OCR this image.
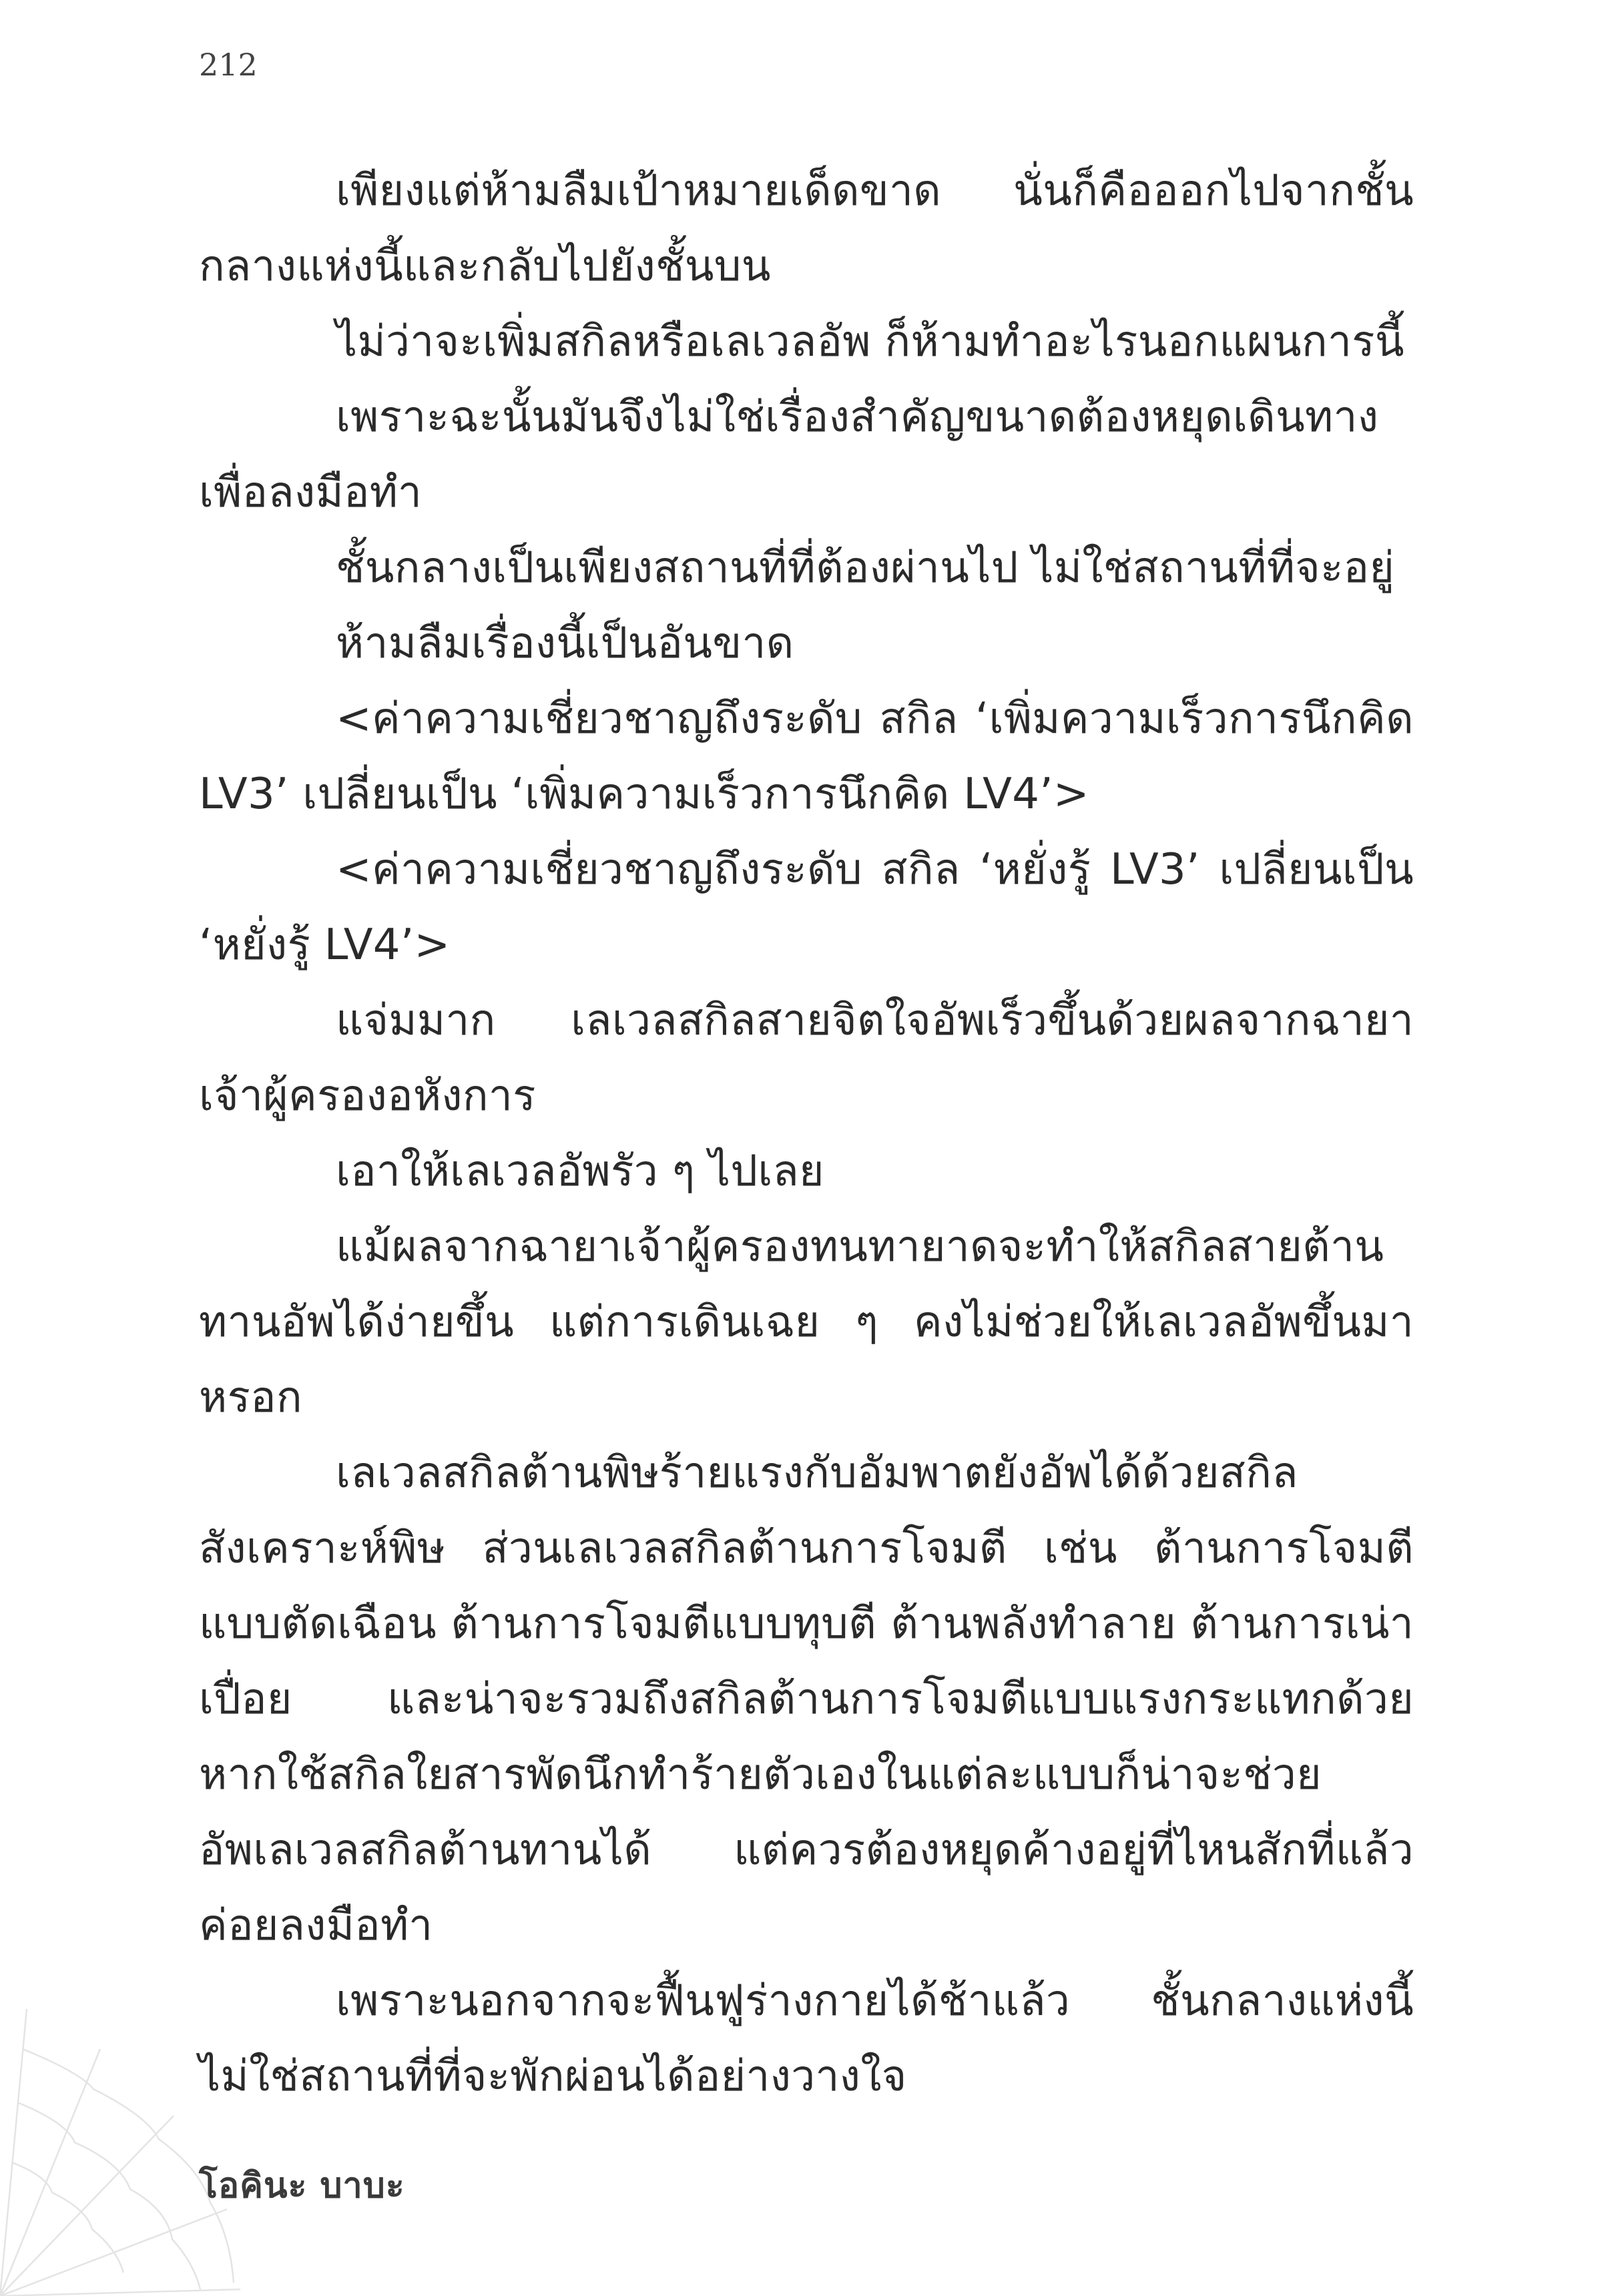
212

เพียงแต่ห้ามลืมเป้าหมายเด็ดขาด นั่นก็คือออกไปจากชั้นกลางแห่งนี้และกลับไปยังชั้นบน

ไม่ว่าจะเพิ่มสกิลหรือเลเวลอัพ ก็ห้ามทำอะไรนอกแผนการนี้

เพราะฉะนั้นมันจึงไม่ใช่เรื่องสำคัญขนาดต้องหยุดเดินทางเพื่อลงมือทำ

ชั้นกลางเป็นเพียงสถานที่ที่ต้องผ่านไป ไม่ใช่สถานที่ที่จะอยู่

ห้ามลืมเรื่องนี้เป็นอันขาด

<ค่าความเชี่ยวชาญถึงระดับ สกิล ‘เพิ่มความเร็วการนึกคิด LV3’ เปลี่ยนเป็น ‘เพิ่มความเร็วการนึกคิด LV4’>

<ค่าความเชี่ยวชาญถึงระดับ สกิล ‘หยั่งรู้ LV3’ เปลี่ยนเป็น ‘หยั่งรู้ LV4’>

แจ่มมาก เลเวลสกิลสายจิตใจอัพเร็วขึ้นด้วยผลจากฉายาเจ้าผู้ครองอหังการ

เอาให้เลเวลอัพรัว ๆ ไปเลย

แม้ผลจากฉายาเจ้าผู้ครองทนทายาดจะทำให้สกิลสายต้านทานอัพได้ง่ายขึ้น แต่การเดินเฉย ๆ คงไม่ช่วยให้เลเวลอัพขึ้นมาหรอก

เลเวลสกิลต้านพิษร้ายแรงกับอัมพาตยังอัพได้ด้วยสกิลสังเคราะห์พิษ ส่วนเลเวลสกิลต้านการโจมตี เช่น ต้านการโจมตีแบบตัดเฉือน ต้านการโจมตีแบบทุบตี ต้านพลังทำลาย ต้านการเน่าเปื่อย และน่าจะรวมถึงสกิลต้านการโจมตีแบบแรงกระแทกด้วย หากใช้สกิลใยสารพัดนึกทำร้ายตัวเองในแต่ละแบบก็น่าจะช่วยอัพเลเวลสกิลต้านทานได้ แต่ควรต้องหยุดค้างอยู่ที่ไหนสักที่แล้วค่อยลงมือทำ

เพราะนอกจากจะฟื้นฟูร่างกายได้ช้าแล้ว ชั้นกลางแห่งนี้ไม่ใช่สถานที่ที่จะพักผ่อนได้อย่างวางใจ

โอคินะ บาบะ
